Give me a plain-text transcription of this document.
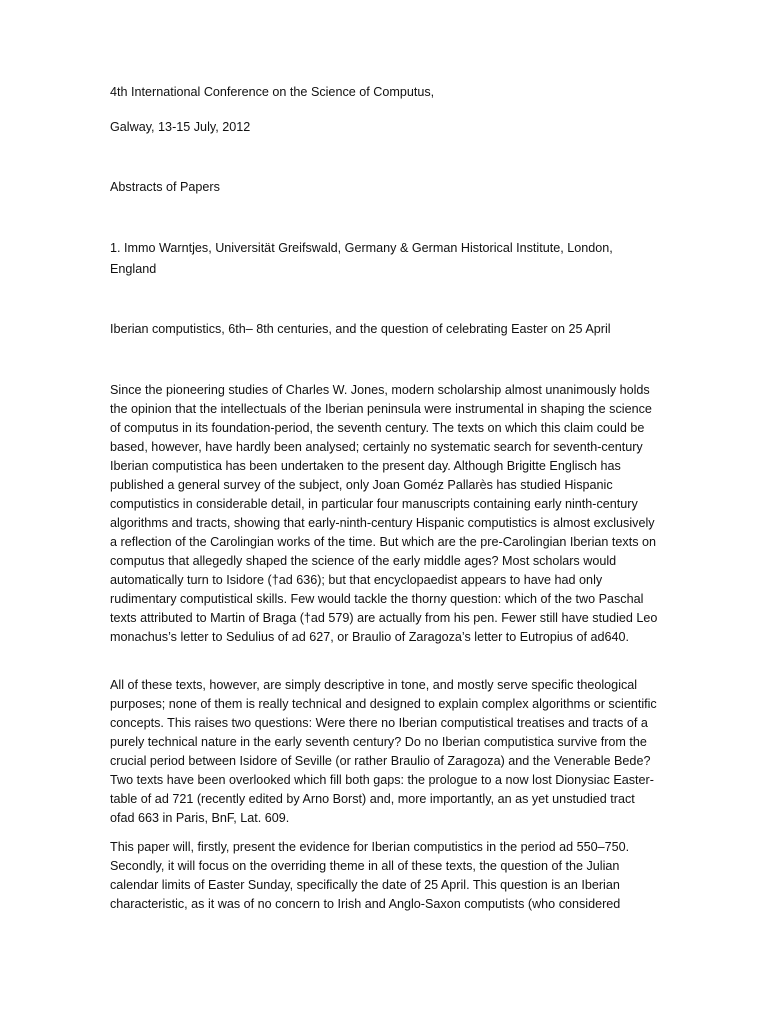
4th International Conference on the Science of Computus,

Galway, 13-15 July, 2012

Abstracts of Papers

1. Immo Warntjes, Universität Greifswald, Germany & German Historical Institute, London, England

Iberian computistics, 6th– 8th centuries, and the question of celebrating Easter on 25 April

Since the pioneering studies of Charles W. Jones, modern scholarship almost unanimously holds the opinion that the intellectuals of the Iberian peninsula were instrumental in shaping the science of computus in its foundation-period, the seventh century. The texts on which this claim could be based, however, have hardly been analysed; certainly no systematic search for seventh-century Iberian computistica has been undertaken to the present day. Although Brigitte Englisch has published a general survey of the subject, only Joan Goméz Pallarès has studied Hispanic computistics in considerable detail, in particular four manuscripts containing early ninth-century algorithms and tracts, showing that early-ninth-century Hispanic computistics is almost exclusively a reflection of the Carolingian works of the time. But which are the pre-Carolingian Iberian texts on computus that allegedly shaped the science of the early middle ages? Most scholars would automatically turn to Isidore (†ad 636); but that encyclopaedist appears to have had only rudimentary computistical skills. Few would tackle the thorny question: which of the two Paschal texts attributed to Martin of Braga (†ad 579) are actually from his pen. Fewer still have studied Leo monachus’s letter to Sedulius of ad 627, or Braulio of Zaragoza’s letter to Eutropius of ad640.

All of these texts, however, are simply descriptive in tone, and mostly serve specific theological purposes; none of them is really technical and designed to explain complex algorithms or scientific concepts. This raises two questions: Were there no Iberian computistical treatises and tracts of a purely technical nature in the early seventh century? Do no Iberian computistica survive from the crucial period between Isidore of Seville (or rather Braulio of Zaragoza) and the Venerable Bede? Two texts have been overlooked which fill both gaps: the prologue to a now lost Dionysiac Easter-table of ad 721 (recently edited by Arno Borst) and, more importantly, an as yet unstudied tract ofad 663 in Paris, BnF, Lat. 609.

This paper will, firstly, present the evidence for Iberian computistics in the period ad 550–750. Secondly, it will focus on the overriding theme in all of these texts, the question of the Julian calendar limits of Easter Sunday, specifically the date of 25 April. This question is an Iberian characteristic, as it was of no concern to Irish and Anglo-Saxon computists (who considered
